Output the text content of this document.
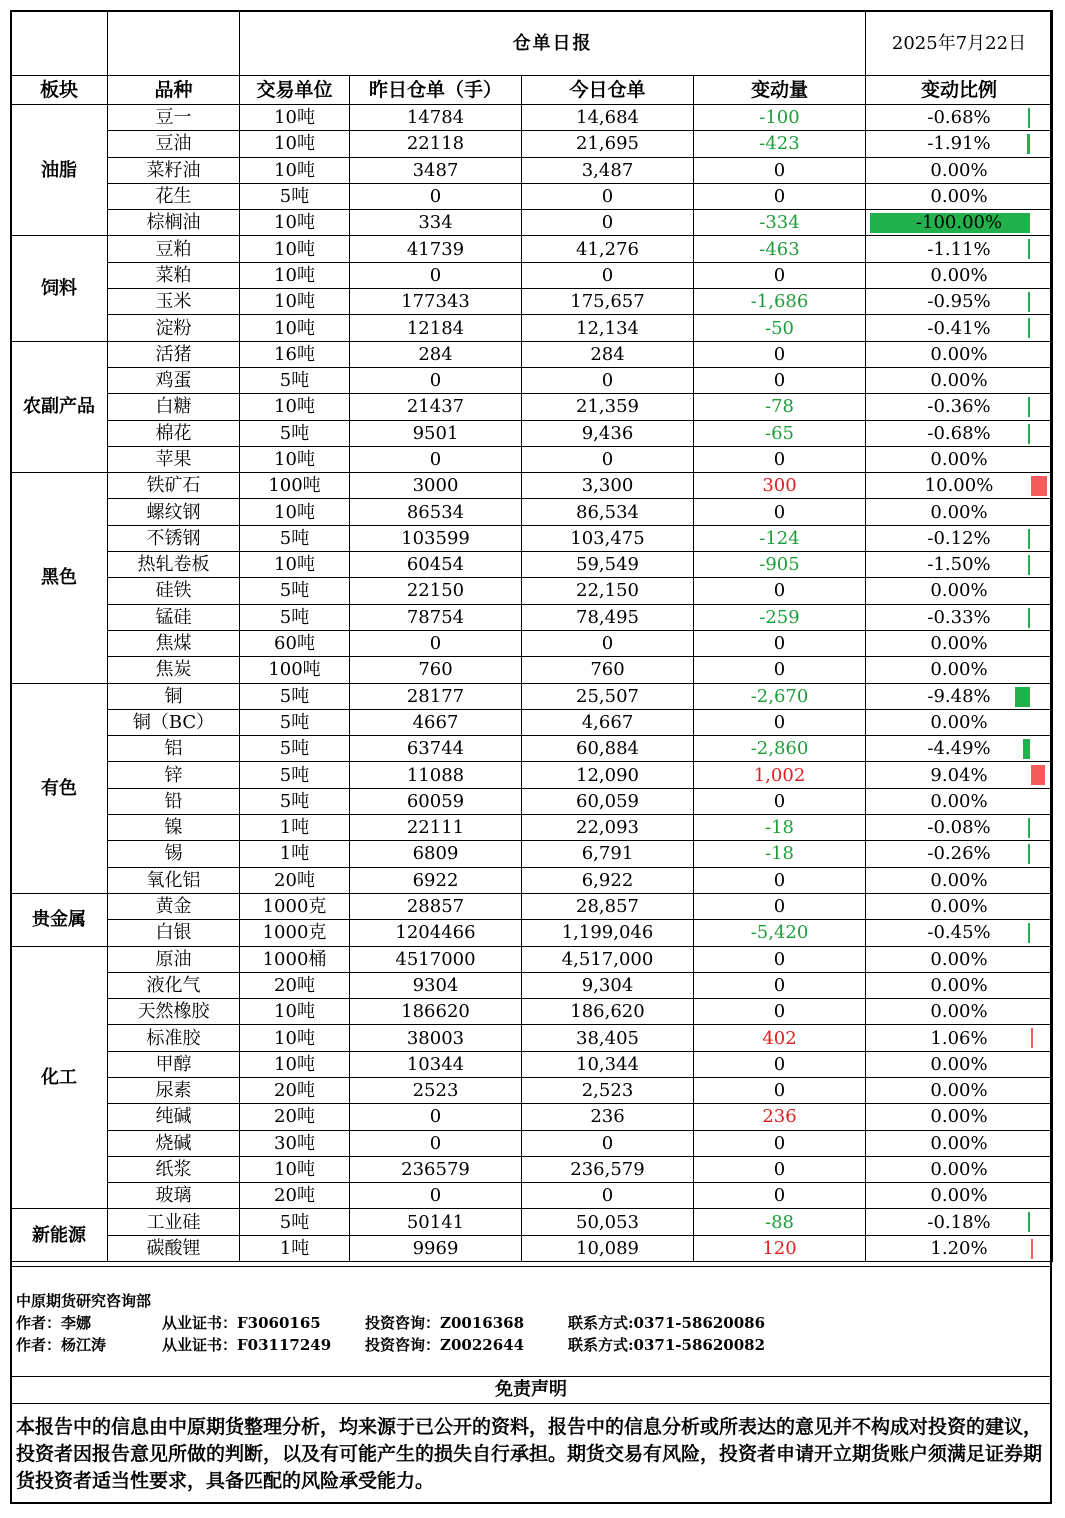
		仓单日报				2025年7月22日
板块	品种	交易单位	昨日仓单（手）	今日仓单	变动量	变动比例
油脂	豆一	10吨	14784	14,684	-100	-0.68%
	豆油	10吨	22118	21,695	-423	-1.91%
	菜籽油	10吨	3487	3,487	0	0.00%
	花生	5吨	0	0	0	0.00%
	棕榈油	10吨	334	0	-334	-100.00%
饲料	豆粕	10吨	41739	41,276	-463	-1.11%
	菜粕	10吨	0	0	0	0.00%
	玉米	10吨	177343	175,657	-1,686	-0.95%
	淀粉	10吨	12184	12,134	-50	-0.41%
农副产品	活猪	16吨	284	284	0	0.00%
	鸡蛋	5吨	0	0	0	0.00%
	白糖	10吨	21437	21,359	-78	-0.36%
	棉花	5吨	9501	9,436	-65	-0.68%
	苹果	10吨	0	0	0	0.00%
黑色	铁矿石	100吨	3000	3,300	300	10.00%
	螺纹钢	10吨	86534	86,534	0	0.00%
	不锈钢	5吨	103599	103,475	-124	-0.12%
	热轧卷板	10吨	60454	59,549	-905	-1.50%
	硅铁	5吨	22150	22,150	0	0.00%
	锰硅	5吨	78754	78,495	-259	-0.33%
	焦煤	60吨	0	0	0	0.00%
	焦炭	100吨	760	760	0	0.00%
有色	铜	5吨	28177	25,507	-2,670	-9.48%
	铜（BC）	5吨	4667	4,667	0	0.00%
	铝	5吨	63744	60,884	-2,860	-4.49%
	锌	5吨	11088	12,090	1,002	9.04%
	铅	5吨	60059	60,059	0	0.00%
	镍	1吨	22111	22,093	-18	-0.08%
	锡	1吨	6809	6,791	-18	-0.26%
	氧化铝	20吨	6922	6,922	0	0.00%
贵金属	黄金	1000克	28857	28,857	0	0.00%
	白银	1000克	1204466	1,199,046	-5,420	-0.45%
化工	原油	1000桶	4517000	4,517,000	0	0.00%
	液化气	20吨	9304	9,304	0	0.00%
	天然橡胶	10吨	186620	186,620	0	0.00%
	标准胶	10吨	38003	38,405	402	1.06%
	甲醇	10吨	10344	10,344	0	0.00%
	尿素	20吨	2523	2,523	0	0.00%
	纯碱	20吨	0	236	236	0.00%
	烧碱	30吨	0	0	0	0.00%
	纸浆	10吨	236579	236,579	0	0.00%
	玻璃	20吨	0	0	0	0.00%
新能源	工业硅	5吨	50141	50,053	-88	-0.18%
	碳酸锂	1吨	9969	10,089	120	1.20%
中原期货研究咨询部
作者：李娜	从业证书：F3060165	投资咨询：Z0016368	联系方式:0371-58620086
作者：杨江涛	从业证书：F03117249 投资咨询：Z0022644	联系方式:0371-58620082
免责声明
本报告中的信息由中原期货整理分析，均来源于已公开的资料，报告中的信息分析或所表达的意见并不构成对投资的建议，投资者因报告意见所做的判断，以及有可能产生的损失自行承担。期货交易有风险，投资者申请开立期货账户须满足证券期货投资者适当性要求，具备匹配的风险承受能力。
